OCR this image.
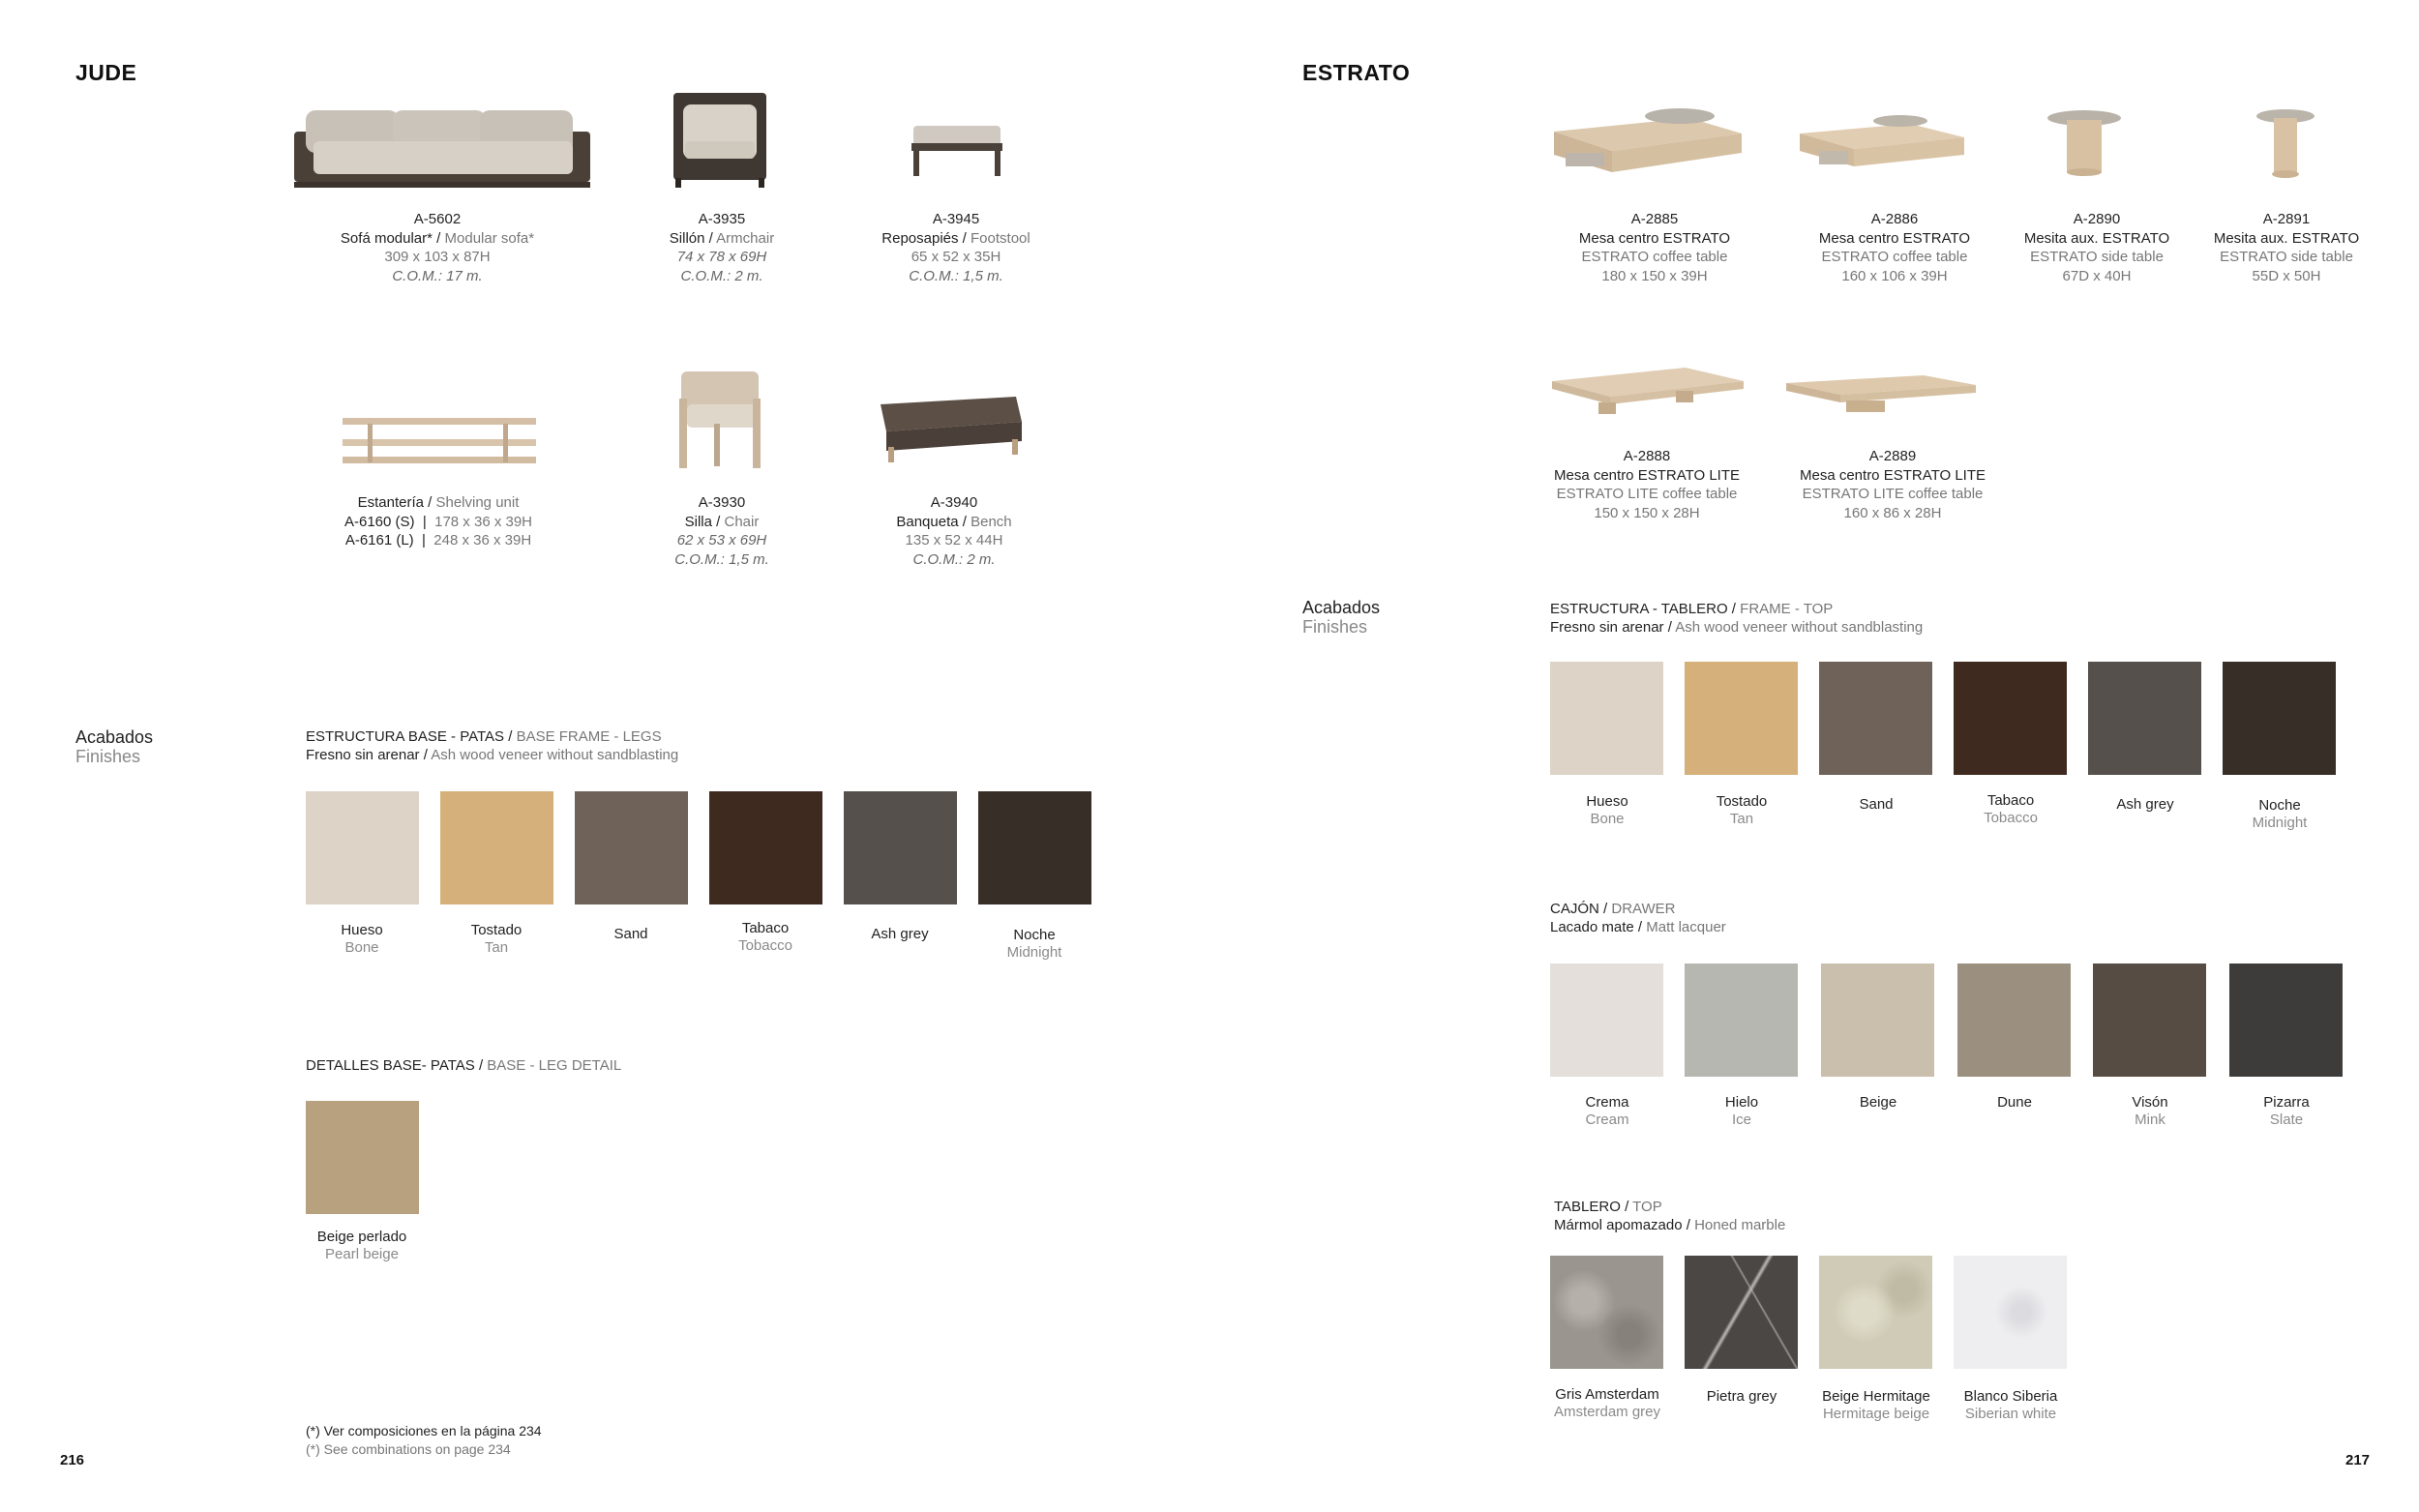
JUDE
A-5602
Sofá modular* / Modular sofa*
309 x 103 x 87H
C.O.M.: 17 m.
A-3935
Sillón / Armchair
74 x 78 x 69H
C.O.M.: 2 m.
A-3945
Reposapiés / Footstool
65 x 52 x 35H
C.O.M.: 1,5 m.
Estantería / Shelving unit
A-6160 (S)  |  178 x 36 x 39H
A-6161 (L)  |  248 x 36 x 39H
A-3930
Silla / Chair
62 x 53 x 69H
C.O.M.: 1,5 m.
A-3940
Banqueta / Bench
135 x 52 x 44H
C.O.M.: 2 m.
Acabados
Finishes
ESTRUCTURA BASE - PATAS / BASE FRAME - LEGS
Fresno sin arenar / Ash wood veneer without sandblasting
Hueso
Bone
Tostado
Tan
Sand	Tabaco
Tobacco
Ash grey	Noche
Midnight
DETALLES BASE- PATAS / BASE - LEG DETAIL
Beige perlado
Pearl beige
(*) Ver composiciones en la página 234
(*) See combinations on page 234
216
ESTRATO
A-2885
Mesa centro ESTRATO
ESTRATO coffee table
180 x 150 x 39H
A-2886
Mesa centro ESTRATO
ESTRATO coffee table
160 x 106 x 39H
A-2890
Mesita aux. ESTRATO
ESTRATO side table
67D x 40H
A-2891
Mesita aux. ESTRATO
ESTRATO side table
55D x 50H
A-2888
Mesa centro ESTRATO LITE
ESTRATO LITE coffee table
150 x 150 x 28H
A-2889
Mesa centro ESTRATO LITE
ESTRATO LITE coffee table
160 x 86 x 28H
Acabados
Finishes
ESTRUCTURA - TABLERO / FRAME - TOP
Fresno sin arenar / Ash wood veneer without sandblasting
Hueso
Bone
Tostado
Tan
Sand	Tabaco
Tobacco
Ash grey	Noche
Midnight
CAJÓN / DRAWER
Lacado mate / Matt lacquer
Crema
Cream
Hielo
Ice
Beige	Dune	Visón
Mink
Pizarra
Slate
TABLERO / TOP
Mármol apomazado / Honed marble
Gris Amsterdam
Amsterdam grey
Pietra grey	Beige Hermitage
Hermitage beige
Blanco Siberia
Siberian white
217
